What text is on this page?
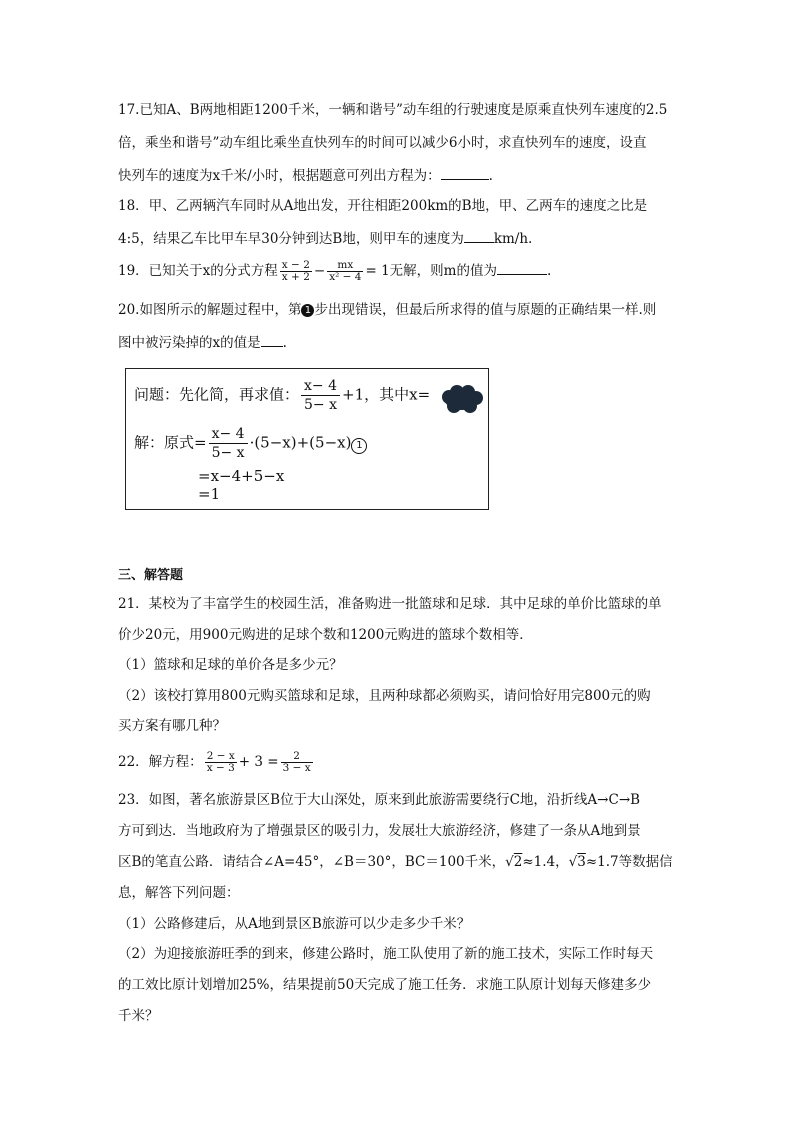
17.已知A、B两地相距1200千米，一辆和谐号”动车组的行驶速度是原乘直快列车速度的2.5
倍，乘坐和谐号”动车组比乘坐直快列车的时间可以减少6小时，求直快列车的速度，设直
快列车的速度为x千米/小时，根据题意可列出方程为：	.
18．甲、乙两辆汽车同时从A地出发，开往相距200km的B地，甲、乙两车的速度之比是
4:5，结果乙车比甲车早30分钟到达B地，则甲车的速度为 km/h.
19．已知关于x的分式方程 $\frac{x - 2}{x + 2} - \frac{mx}{\text{x² − 4}} = 1$无解，则m的值为	.
20.如图所示的解题过程中，第 1 步出现错误，但最后所求得的值与原题的正确结果一样.则
图中被污染掉的x的值是 .
问题：先化简，再求值： $\frac{x- 4}{5- x} +1$，其中x=
解：原式= $\frac{x- 4}{5- x} \cdot(5-x)+(5-x)$ 1
=x−4+5−x
=1
三、解答题
21．某校为了丰富学生的校园生活，准备购进一批篮球和足球．其中足球的单价比篮球的单
价少20元，用900元购进的足球个数和1200元购进的篮球个数相等．
（1）篮球和足球的单价各是多少元？
（2）该校打算用800元购买篮球和足球，且两种球都必须购买，请问恰好用完800元的购
买方案有哪几种？
22．解方程： $\frac{2 - x}{x - 3} + 3 = \frac{2}{3 - x}$
23．如图，著名旅游景区B位于大山深处，原来到此旅游需要绕行C地，沿折线A→C→B
方可到达．当地政府为了增强景区的吸引力，发展壮大旅游经济，修建了一条从A地到景
区B的笔直公路．请结合∠A=45°，∠B＝30°，BC＝100千米，√2≈1.4，√3≈1.7等数据信
息，解答下列问题：
（1）公路修建后，从A地到景区B旅游可以少走多少千米？
（2）为迎接旅游旺季的到来，修建公路时，施工队使用了新的施工技术，实际工作时每天
的工效比原计划增加25%，结果提前50天完成了施工任务．求施工队原计划每天修建多少
千米？
